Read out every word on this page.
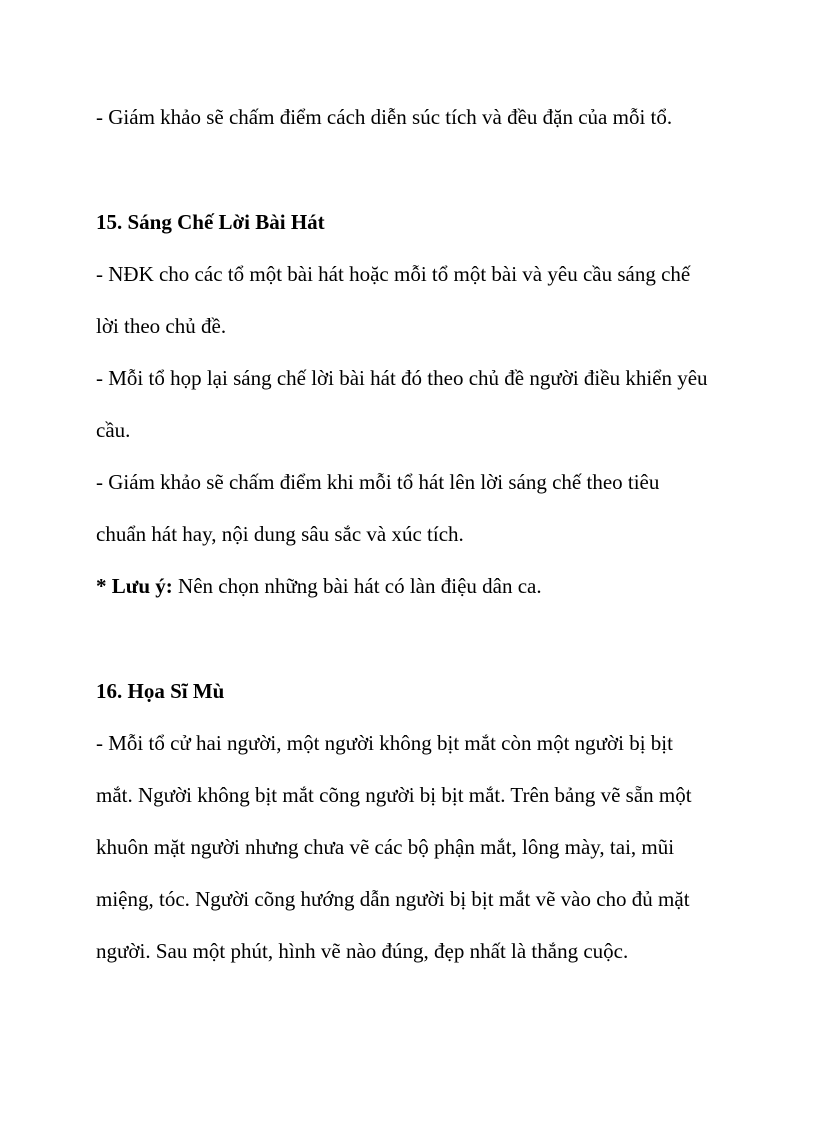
- Giám khảo sẽ chấm điểm cách diễn súc tích và đều đặn của mỗi tổ.
15. Sáng Chế Lời Bài Hát
- NĐK cho các tổ một bài hát hoặc mỗi tổ một bài và yêu cầu sáng chế
lời theo chủ đề.
- Mỗi tổ họp lại sáng chế lời bài hát đó theo chủ đề người điều khiển yêu
cầu.
- Giám khảo sẽ chấm điểm khi mỗi tổ hát lên lời sáng chế theo tiêu
chuẩn hát hay, nội dung sâu sắc và xúc tích.
* Lưu ý: Nên chọn những bài hát có làn điệu dân ca.
16. Họa Sĩ Mù
- Mỗi tổ cử hai người, một người không bịt mắt còn một người bị bịt
mắt. Người không bịt mắt cõng người bị bịt mắt. Trên bảng vẽ sẵn một
khuôn mặt người nhưng chưa vẽ các bộ phận mắt, lông mày, tai, mũi
miệng, tóc. Người cõng hướng dẫn người bị bịt mắt vẽ vào cho đủ mặt
người. Sau một phút, hình vẽ nào đúng, đẹp nhất là thắng cuộc.
